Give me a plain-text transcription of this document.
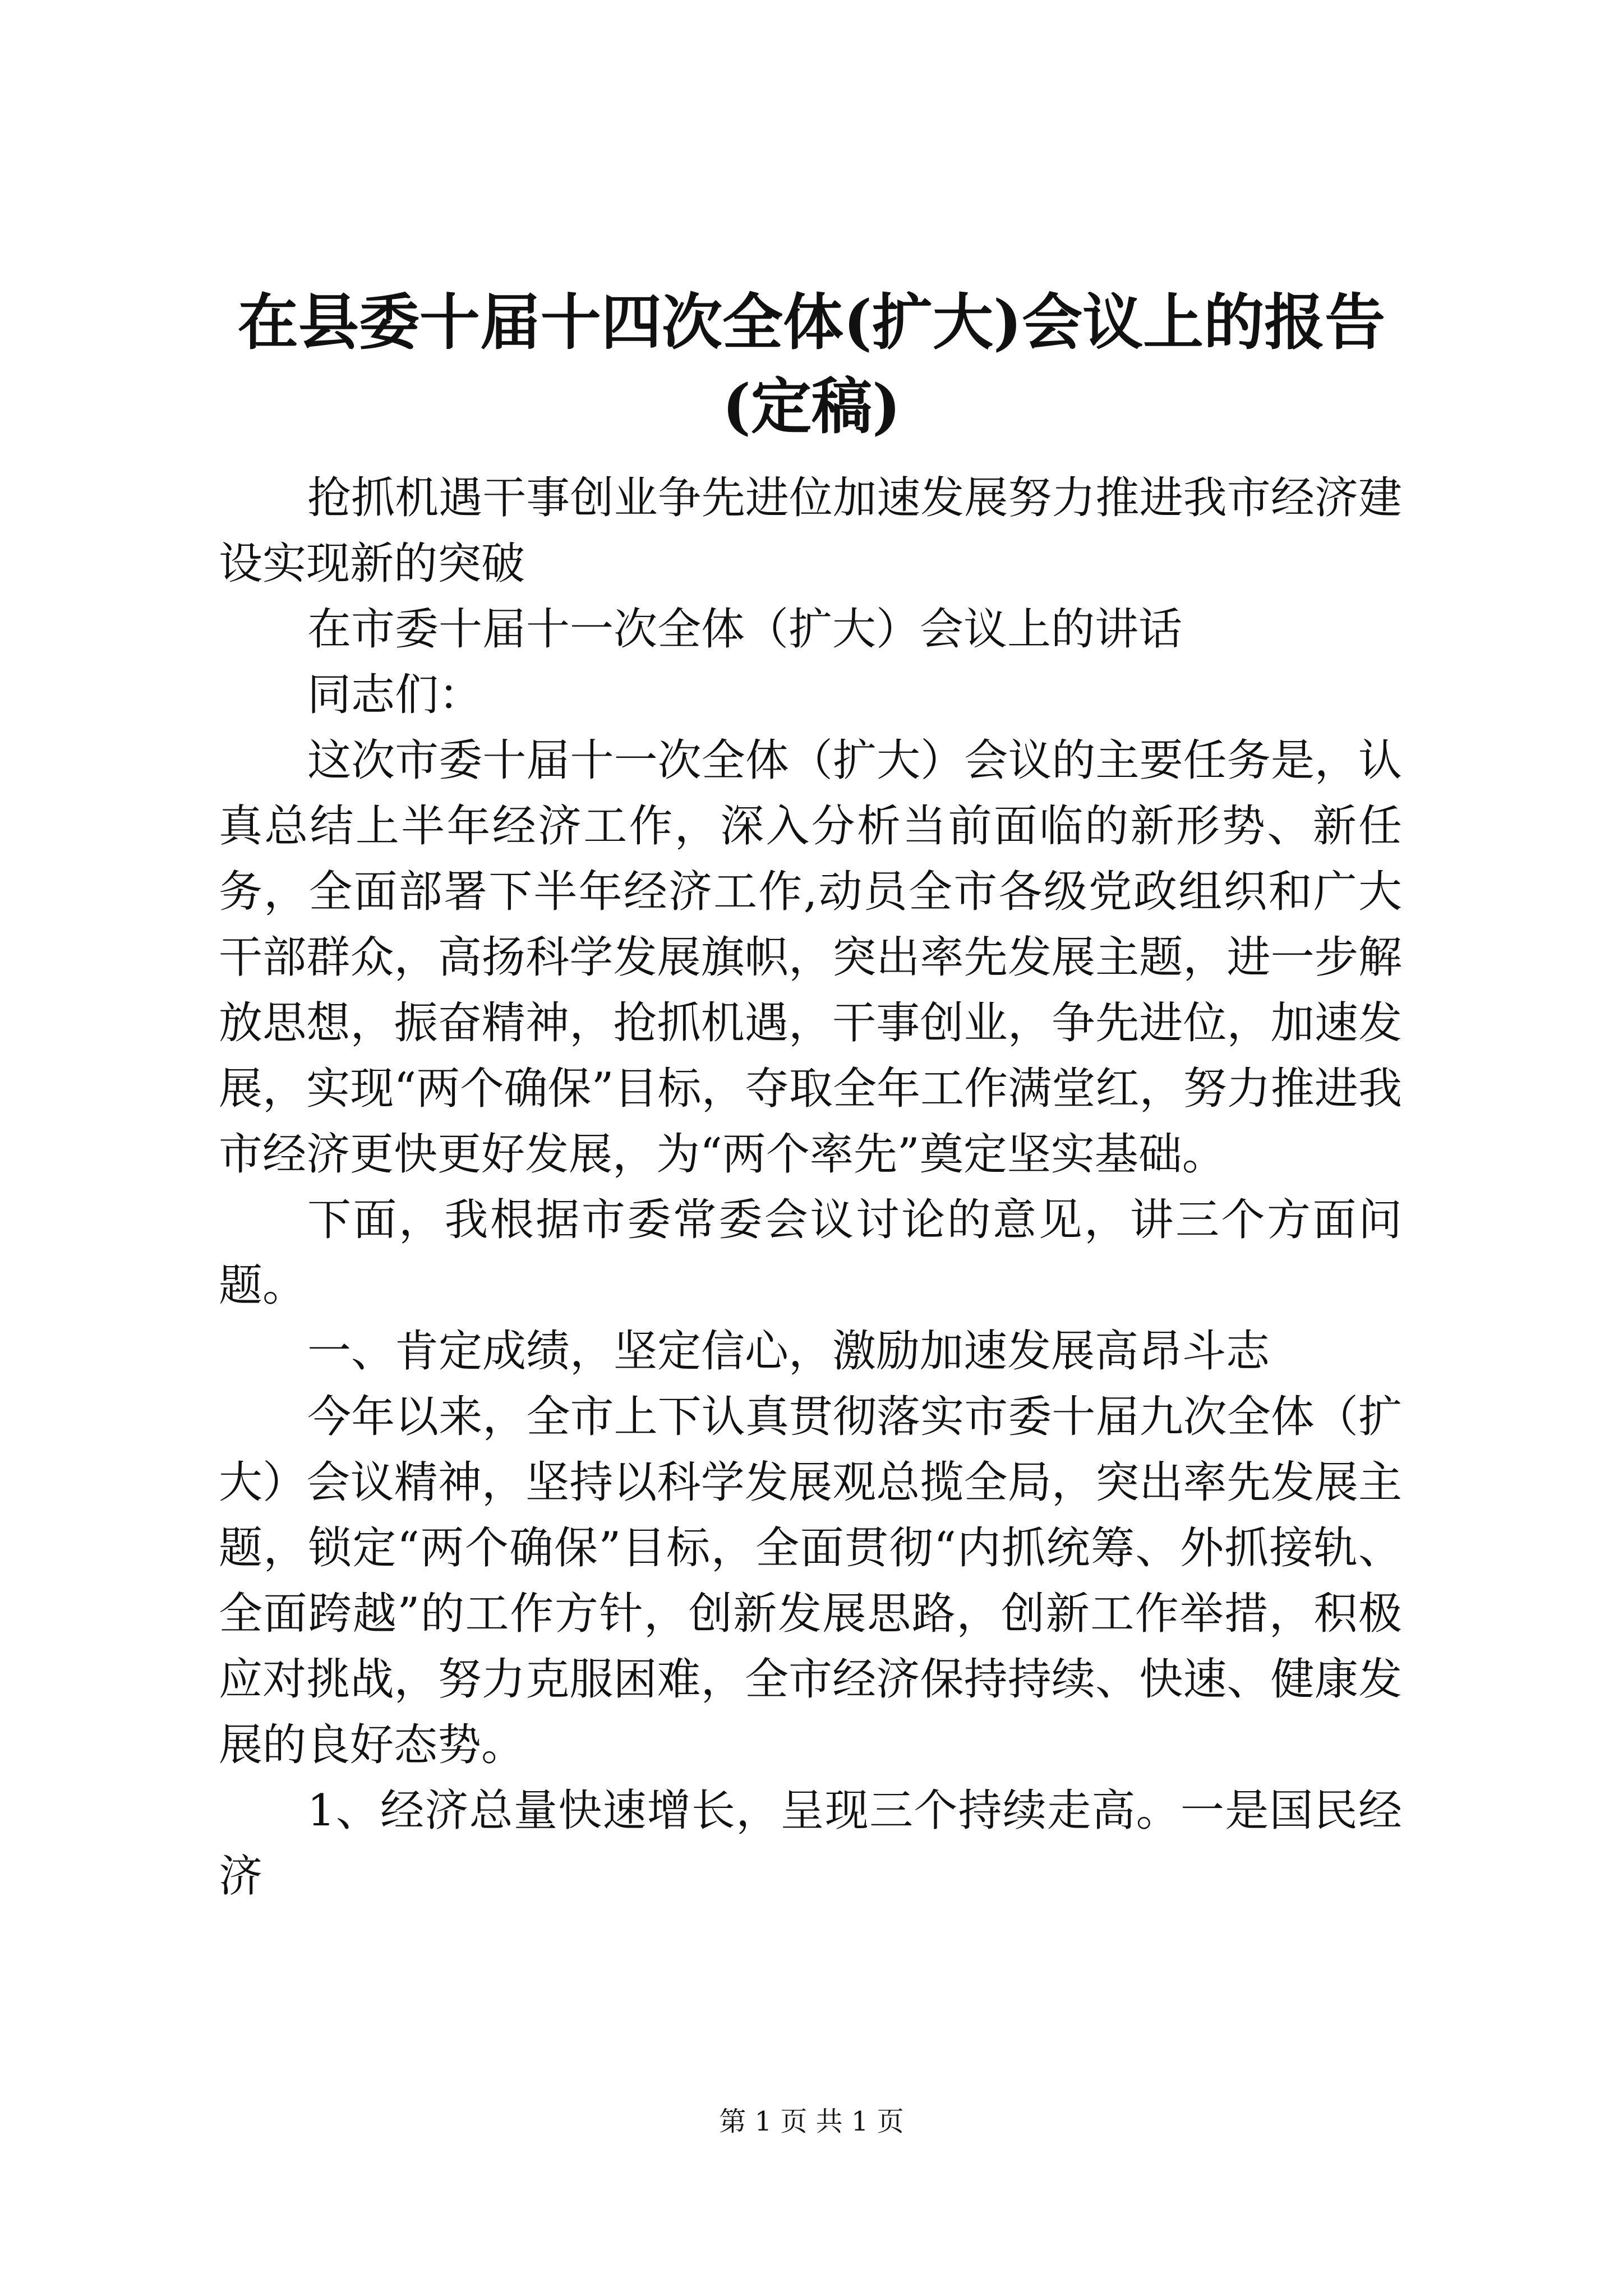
在县委十届十四次全体(扩大)会议上的报告
(定稿)

抢抓机遇干事创业争先进位加速发展努力推进我市经济建设实现新的突破

在市委十届十一次全体（扩大）会议上的讲话

同志们：

这次市委十届十一次全体（扩大）会议的主要任务是，认真总结上半年经济工作，深入分析当前面临的新形势、新任务，全面部署下半年经济工作,动员全市各级党政组织和广大干部群众，高扬科学发展旗帜，突出率先发展主题，进一步解放思想，振奋精神，抢抓机遇，干事创业，争先进位，加速发展，实现“两个确保”目标，夺取全年工作满堂红，努力推进我市经济更快更好发展，为“两个率先”奠定坚实基础。

下面，我根据市委常委会议讨论的意见，讲三个方面问题。

一、肯定成绩，坚定信心，激励加速发展高昂斗志

今年以来，全市上下认真贯彻落实市委十届九次全体（扩大）会议精神，坚持以科学发展观总揽全局，突出率先发展主题，锁定“两个确保”目标，全面贯彻“内抓统筹、外抓接轨、全面跨越”的工作方针，创新发展思路，创新工作举措，积极应对挑战，努力克服困难，全市经济保持持续、快速、健康发展的良好态势。

1、经济总量快速增长，呈现三个持续走高。一是国民经济

第 1 页 共 1 页
